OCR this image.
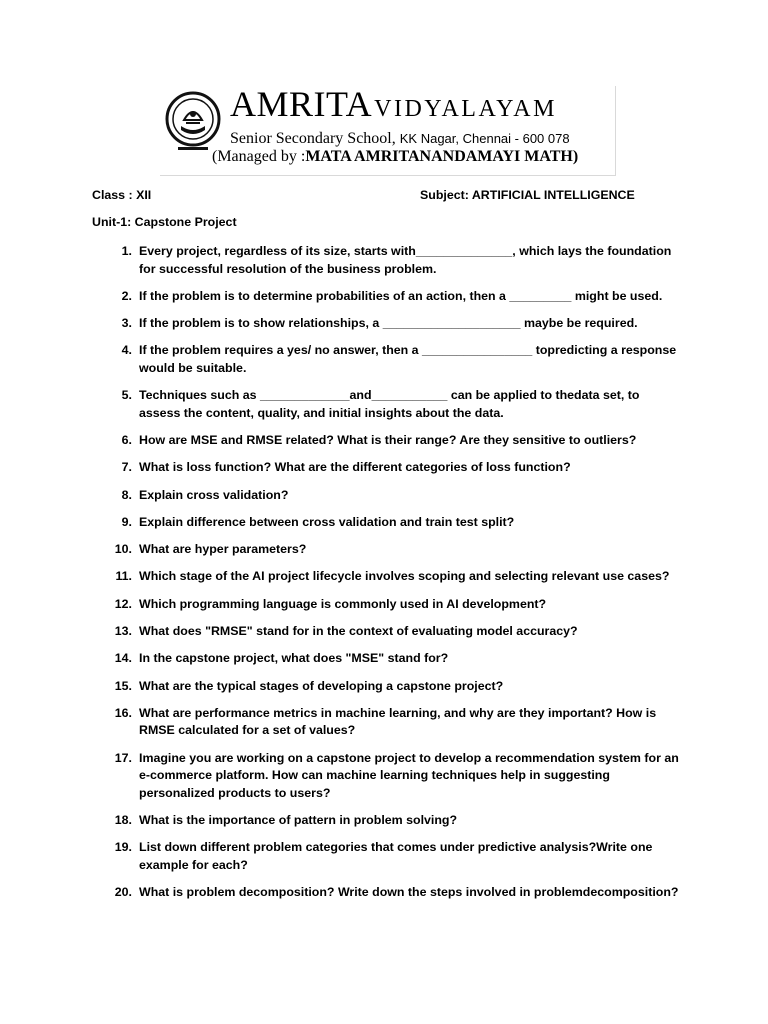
AMRITAVIDYALAYAM
Senior Secondary School, KK Nagar, Chennai - 600 078
(Managed by :MATA AMRITANANDAMAYI MATH)
Class : XII	Subject: ARTIFICIAL INTELLIGENCE
Unit-1: Capstone Project
1. Every project, regardless of its size, starts with______________, which lays the foundation for successful resolution of the business problem.
2. If the problem is to determine probabilities of an action, then a _________ might be used.
3. If the problem is to show relationships, a ____________________ maybe be required.
4. If the problem requires a yes/ no answer, then a ________________ topredicting a response would be suitable.
5. Techniques such as _____________and___________ can be applied to thedata set, to assess the content, quality, and initial insights about the data.
6. How are MSE and RMSE related? What is their range? Are they sensitive to outliers?
7. What is loss function? What are the different categories of loss function?
8. Explain cross validation?
9. Explain difference between cross validation and train test split?
10. What are hyper parameters?
11. Which stage of the AI project lifecycle involves scoping and selecting relevant use cases?
12. Which programming language is commonly used in AI development?
13. What does "RMSE" stand for in the context of evaluating model accuracy?
14. In the capstone project, what does "MSE" stand for?
15. What are the typical stages of developing a capstone project?
16. What are performance metrics in machine learning, and why are they important? How is RMSE calculated for a set of values?
17. Imagine you are working on a capstone project to develop a recommendation system for an e-commerce platform. How can machine learning techniques help in suggesting personalized products to users?
18. What is the importance of pattern in problem solving?
19. List down different problem categories that comes under predictive analysis?Write one example for each?
20. What is problem decomposition? Write down the steps involved in problemdecomposition?
